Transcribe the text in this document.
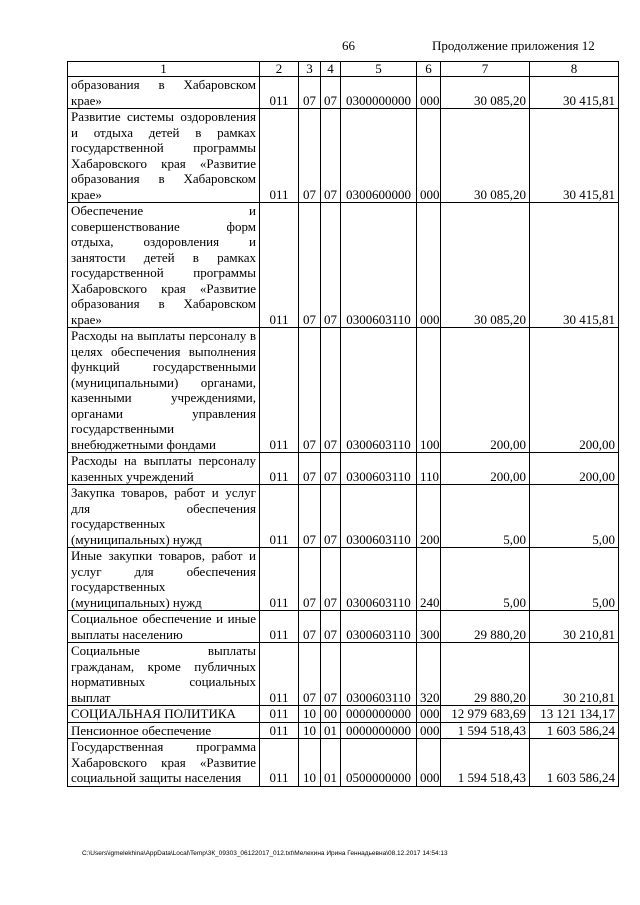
66	Продолжение приложения 12
1	2	3	4	5	6	7	8
образования в Хабаровском крае»	011	07	07	0300000000	000	30 085,20	30 415,81
Развитие системы оздоровления и отдыха детей в рамках государственной программы Хабаровского края «Развитие образования в Хабаровском крае»	011	07	07	0300600000	000	30 085,20	30 415,81
Обеспечение и совершенствование форм отдыха, оздоровления и занятости детей в рамках государственной программы Хабаровского края «Развитие образования в Хабаровском крае»	011	07	07	0300603110	000	30 085,20	30 415,81
Расходы на выплаты персоналу в целях обеспечения выполнения функций государственными (муниципальными) органами, казенными учреждениями, органами управления государственными внебюджетными фондами	011	07	07	0300603110	100	200,00	200,00
Расходы на выплаты персоналу казенных учреждений	011	07	07	0300603110	110	200,00	200,00
Закупка товаров, работ и услуг для обеспечения государственных (муниципальных) нужд	011	07	07	0300603110	200	5,00	5,00
Иные закупки товаров, работ и услуг для обеспечения государственных (муниципальных) нужд	011	07	07	0300603110	240	5,00	5,00
Социальное обеспечение и иные выплаты населению	011	07	07	0300603110	300	29 880,20	30 210,81
Социальные выплаты гражданам, кроме публичных нормативных социальных выплат	011	07	07	0300603110	320	29 880,20	30 210,81
СОЦИАЛЬНАЯ ПОЛИТИКА	011	10	00	0000000000	000	12 979 683,69	13 121 134,17
Пенсионное обеспечение	011	10	01	0000000000	000	1 594 518,43	1 603 586,24
Государственная программа Хабаровского края «Развитие социальной защиты населения	011	10	01	0500000000	000	1 594 518,43	1 603 586,24
C:\Users\igmelekhina\AppData\Local\Temp\3К_09303_06122017_012.txt\Мелехина Ирина Геннадьевна\08.12.2017 14:54:13
